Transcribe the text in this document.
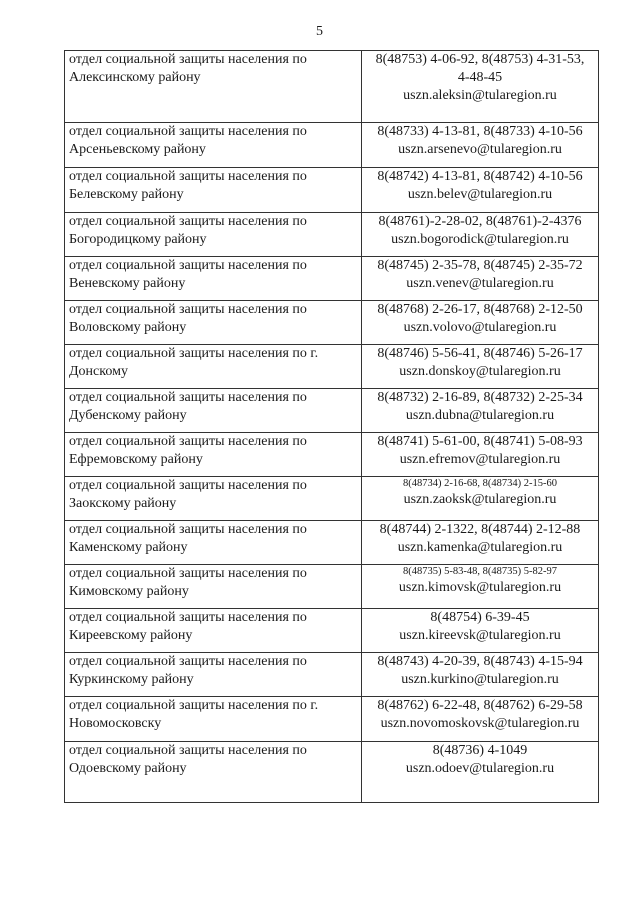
5
отдел социальной защиты населения по
Алексинскому району	8(48753) 4-06-92, 8(48753) 4-31-53,
4-48-45
uszn.aleksin@tularegion.ru

отдел социальной защиты населения по
Арсеньевскому району	8(48733) 4-13-81, 8(48733) 4-10-56
uszn.arsenevo@tularegion.ru

отдел социальной защиты населения по
Белевскому району	8(48742) 4-13-81, 8(48742) 4-10-56
uszn.belev@tularegion.ru

отдел социальной защиты населения по
Богородицкому району	8(48761)-2-28-02, 8(48761)-2-4376
uszn.bogorodick@tularegion.ru

отдел социальной защиты населения по
Веневскому району	8(48745) 2-35-78, 8(48745) 2-35-72
uszn.venev@tularegion.ru

отдел социальной защиты населения по
Воловскому району	8(48768) 2-26-17, 8(48768) 2-12-50
uszn.volovo@tularegion.ru

отдел социальной защиты населения по г.
Донскому	8(48746) 5-56-41, 8(48746) 5-26-17
uszn.donskoy@tularegion.ru

отдел социальной защиты населения по
Дубенскому району	8(48732) 2-16-89, 8(48732) 2-25-34
uszn.dubna@tularegion.ru

отдел социальной защиты населения по
Ефремовскому району	8(48741) 5-61-00, 8(48741) 5-08-93
uszn.efremov@tularegion.ru

отдел социальной защиты населения по
Заокскому району	8(48734) 2-16-68, 8(48734) 2-15-60
uszn.zaoksk@tularegion.ru

отдел социальной защиты населения по
Каменскому району	8(48744) 2-1322, 8(48744) 2-12-88
uszn.kamenka@tularegion.ru

отдел социальной защиты населения по
Кимовскому району	8(48735) 5-83-48, 8(48735) 5-82-97
uszn.kimovsk@tularegion.ru

отдел социальной защиты населения по
Киреевскому району	8(48754) 6-39-45
uszn.kireevsk@tularegion.ru

отдел социальной защиты населения по
Куркинскому району	8(48743) 4-20-39, 8(48743) 4-15-94
uszn.kurkino@tularegion.ru

отдел социальной защиты населения по г.
Новомосковску	8(48762) 6-22-48, 8(48762) 6-29-58
uszn.novomoskovsk@tularegion.ru

отдел социальной защиты населения по
Одоевскому району	8(48736) 4-1049
uszn.odoev@tularegion.ru
